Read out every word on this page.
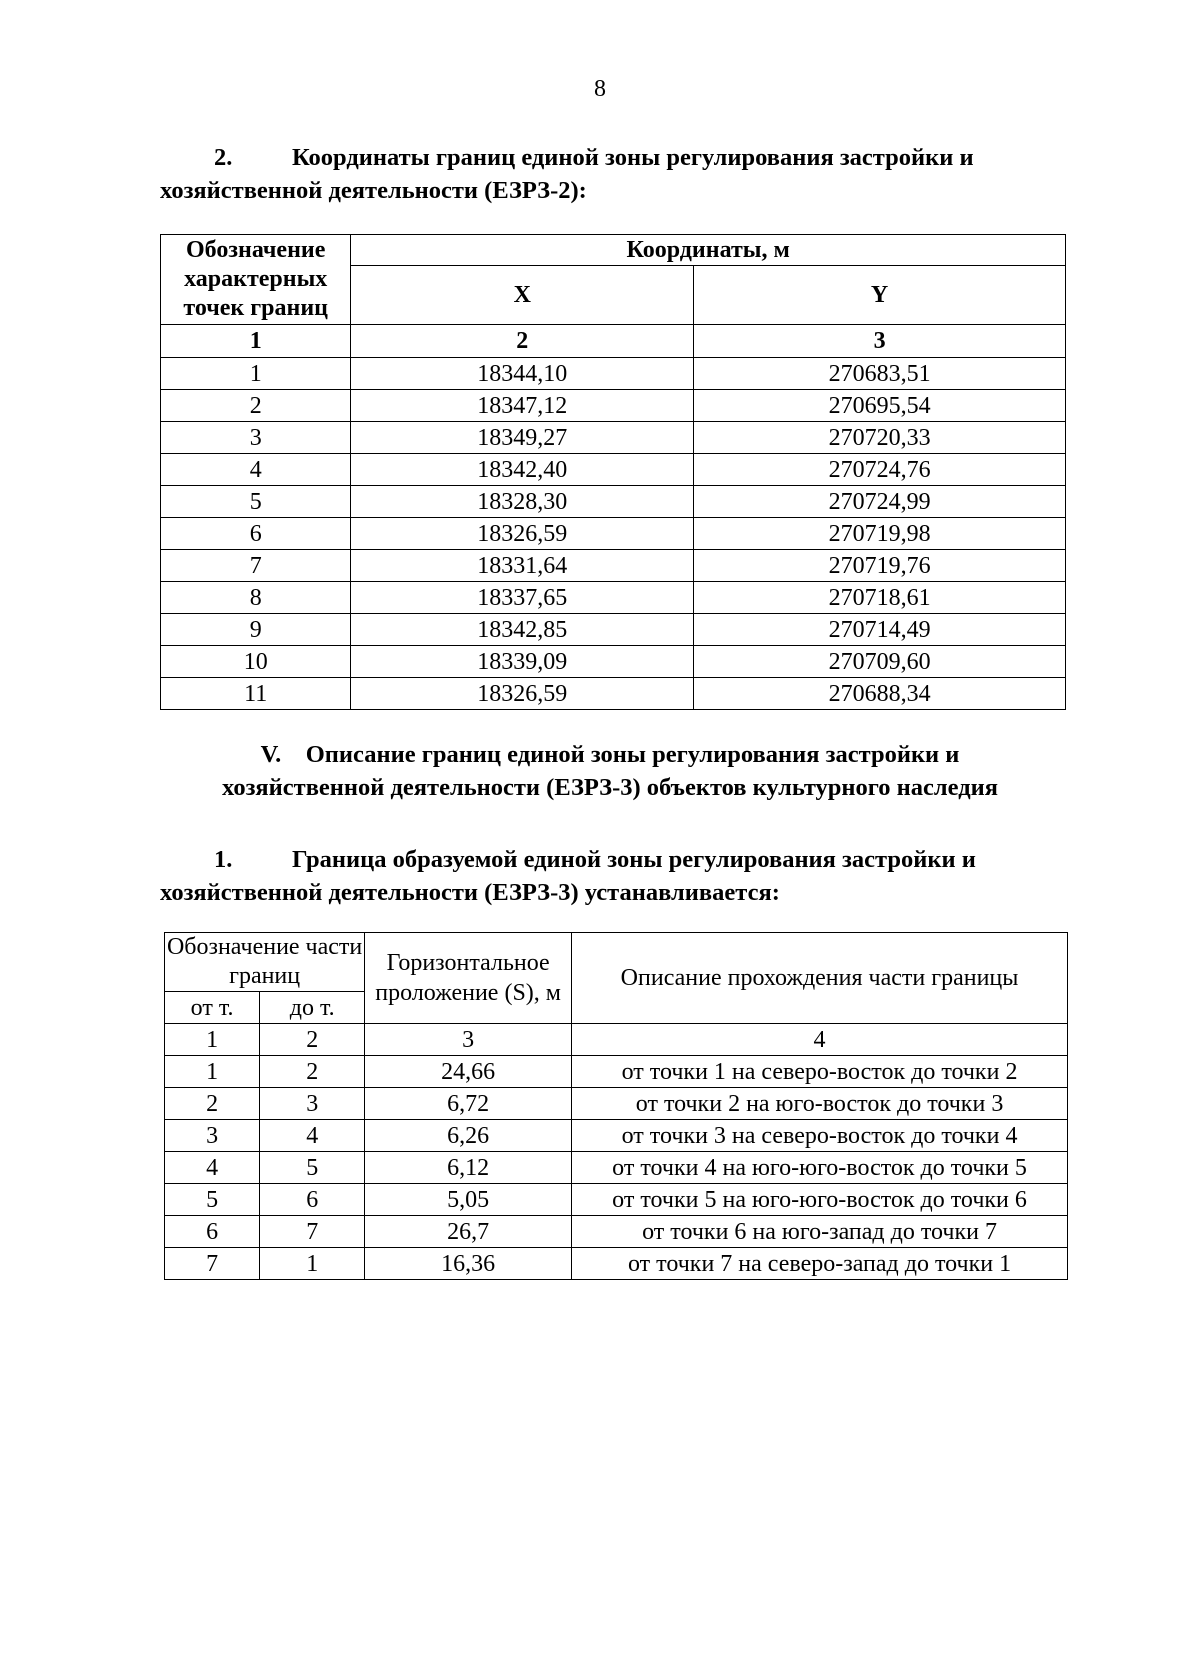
8
2. Координаты границ единой зоны регулирования застройки и
хозяйственной деятельности (ЕЗРЗ-2):
Обозначение характерных точек границ	Координаты, м	
	X	Y
1	2	3
1	18344,10	270683,51
2	18347,12	270695,54
3	18349,27	270720,33
4	18342,40	270724,76
5	18328,30	270724,99
6	18326,59	270719,98
7	18331,64	270719,76
8	18337,65	270718,61
9	18342,85	270714,49
10	18339,09	270709,60
11	18326,59	270688,34
V. Описание границ единой зоны регулирования застройки и
хозяйственной деятельности (ЕЗРЗ-3) объектов культурного наследия
1. Граница образуемой единой зоны регулирования застройки и
хозяйственной деятельности (ЕЗРЗ-3) устанавливается:
Обозначение части границ		Горизонтальное проложение (S), м	Описание прохождения части границы
от т.	до т.		
1	2	3	4
1	2	24,66	от точки 1 на северо-восток до точки 2
2	3	6,72	от точки 2 на юго-восток до точки 3
3	4	6,26	от точки 3 на северо-восток до точки 4
4	5	6,12	от точки 4 на юго-юго-восток до точки 5
5	6	5,05	от точки 5 на юго-юго-восток до точки 6
6	7	26,7	от точки 6 на юго-запад до точки 7
7	1	16,36	от точки 7 на северо-запад до точки 1
